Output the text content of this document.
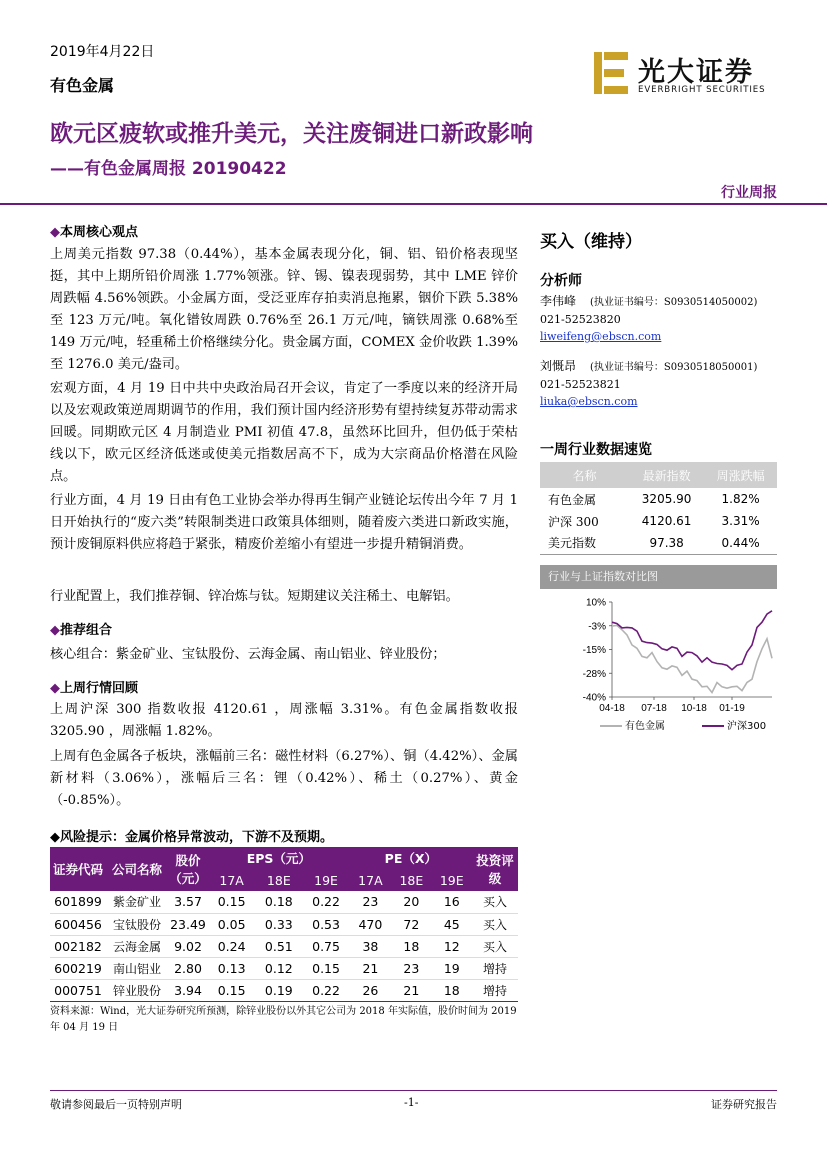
2019年4月22日
有色金属	光大证券
EVERBRIGHT SECURITIES
欧元区疲软或推升美元，关注废铜进口新政影响
——有色金属周报 20190422
行业周报
◆本周核心观点
上周美元指数 97.38（0.44%），基本金属表现分化，铜、铝、铅价格表现坚挺，其中上期所铅价周涨 1.77%领涨。锌、锡、镍表现弱势，其中 LME 锌价周跌幅 4.56%领跌。小金属方面，受泛亚库存拍卖消息拖累，铟价下跌 5.38%至 123 万元/吨。氧化镨钕周跌 0.76%至 26.1 万元/吨，镝铁周涨 0.68%至 149 万元/吨，轻重稀土价格继续分化。贵金属方面，COMEX 金价收跌 1.39%至 1276.0 美元/盎司。
宏观方面，4 月 19 日中共中央政治局召开会议，肯定了一季度以来的经济开局以及宏观政策逆周期调节的作用，我们预计国内经济形势有望持续复苏带动需求回暖。同期欧元区 4 月制造业 PMI 初值 47.8，虽然环比回升，但仍低于荣枯线以下，欧元区经济低迷或使美元指数居高不下，成为大宗商品价格潜在风险点。
行业方面，4 月 19 日由有色工业协会举办得再生铜产业链论坛传出今年 7 月 1 日开始执行的“废六类”转限制类进口政策具体细则，随着废六类进口新政实施，预计废铜原料供应将趋于紧张，精废价差缩小有望进一步提升精铜消费。
行业配置上，我们推荐铜、锌冶炼与钛。短期建议关注稀土、电解铝。
◆推荐组合
核心组合：紫金矿业、宝钛股份、云海金属、南山铝业、锌业股份；
◆上周行情回顾
上周沪深 300 指数收报 4120.61 ，周涨幅 3.31%。有色金属指数收报 3205.90 ，周涨幅 1.82%。
上周有色金属各子板块，涨幅前三名：磁性材料（6.27%）、铜（4.42%）、金属新材料（3.06%），涨幅后三名：锂（0.42%）、稀土（0.27%）、黄金（-0.85%）。
◆风险提示：金属价格异常波动，下游不及预期。
证券代码	公司名称	股价（元）	EPS（元）			PE（X）			投资评级
			17A	18E	19E	17A	18E	19E	
601899	紫金矿业	3.57	0.15	0.18	0.22	23	20	16	买入
600456	宝钛股份	23.49	0.05	0.33	0.53	470	72	45	买入
002182	云海金属	9.02	0.24	0.51	0.75	38	18	12	买入
600219	南山铝业	2.80	0.13	0.12	0.15	21	23	19	增持
000751	锌业股份	3.94	0.15	0.19	0.22	26	21	18	增持
资料来源：Wind，光大证券研究所预测，除锌业股份以外其它公司为 2018 年实际值，股价时间为 2019 年 04 月 19 日
买入（维持）
分析师
李伟峰 (执业证书编号：S0930514050002)
021-52523820
liweifeng@ebscn.com
刘慨昂 (执业证书编号：S0930518050001)
021-52523821
liuka@ebscn.com
一周行业数据速览
名称	最新指数	周涨跌幅
有色金属	3205.90	1.82%
沪深 300	4120.61	3.31%
美元指数	97.38	0.44%
行业与上证指数对比图
10%
-3%
-15%
-28%
-40%
04-18 07-18 10-18 01-19
有色金属	沪深300
敬请参阅最后一页特别声明	-1-	证券研究报告
